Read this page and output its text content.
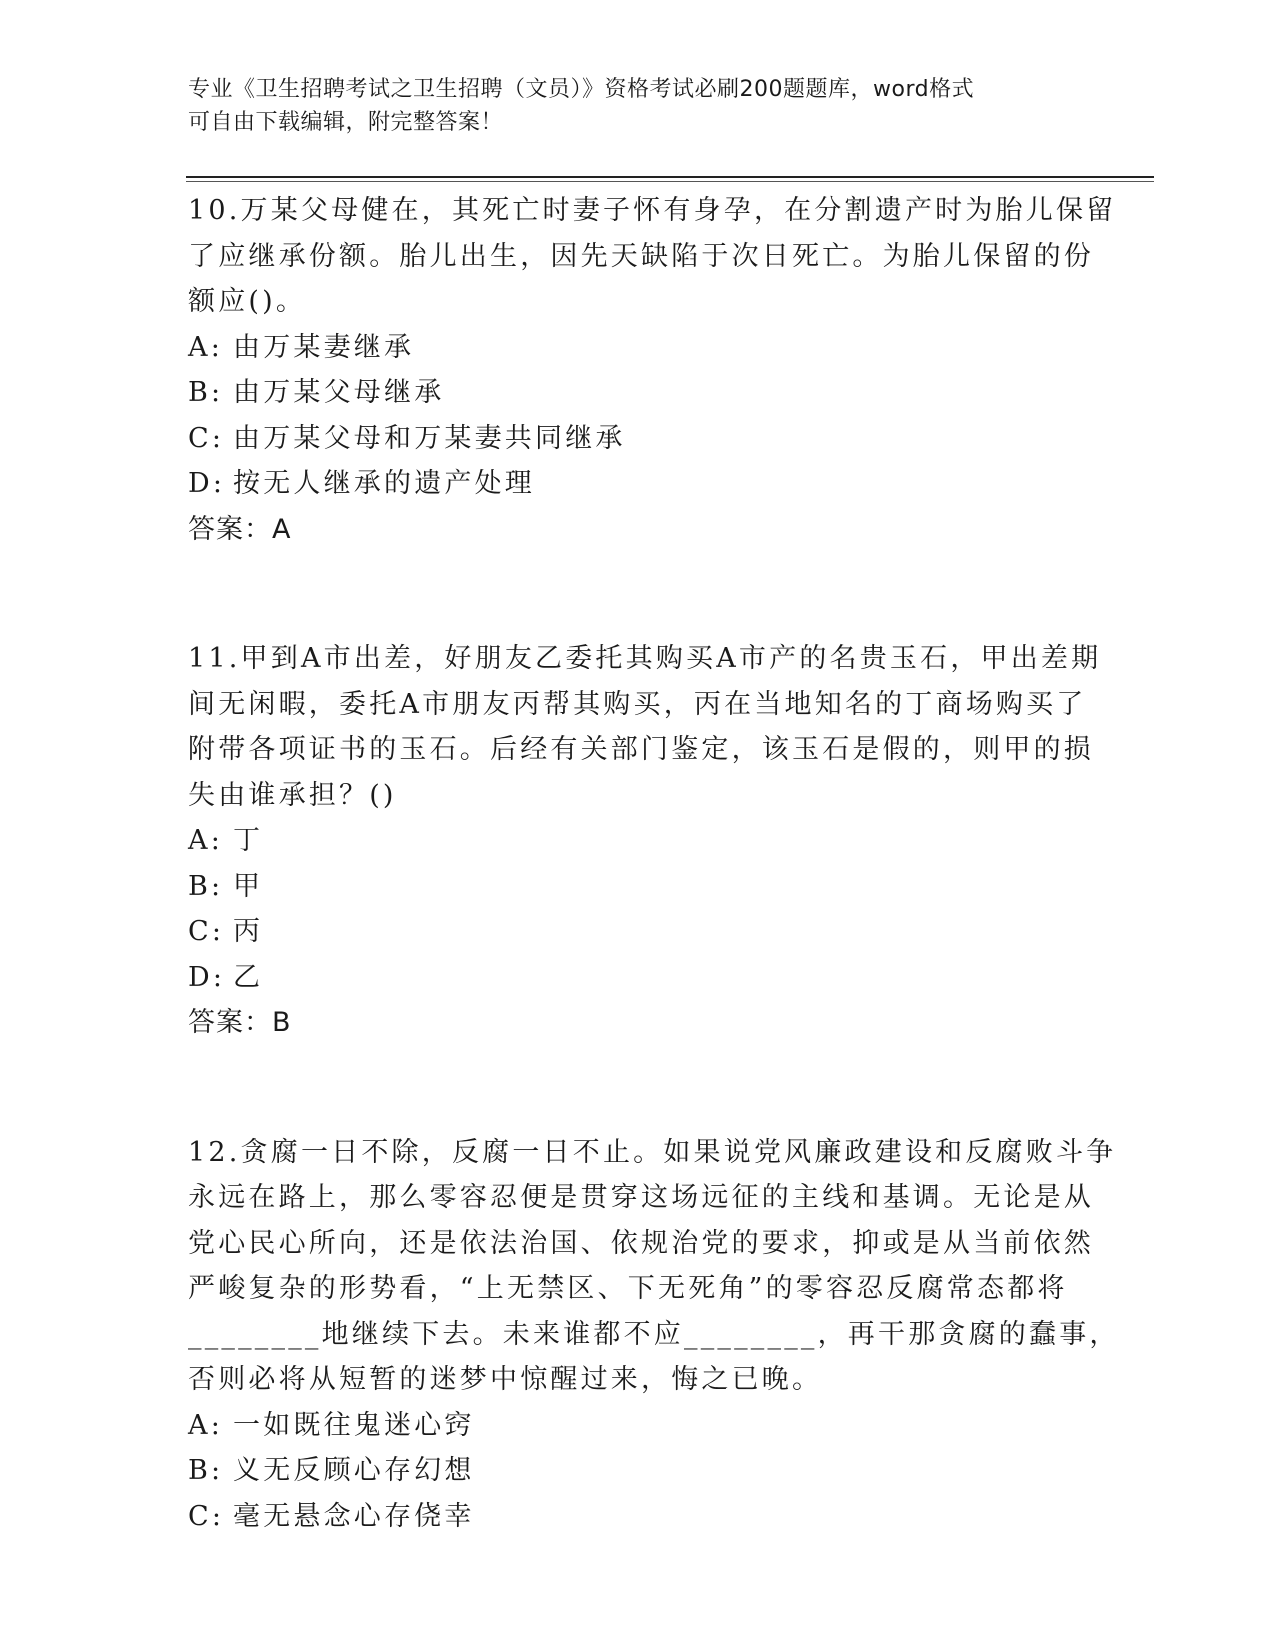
专业《卫生招聘考试之卫生招聘（文员）》资格考试必刷200题题库，word格式
可自由下载编辑，附完整答案！
10.万某父母健在，其死亡时妻子怀有身孕，在分割遗产时为胎儿保留
了应继承份额。胎儿出生，因先天缺陷于次日死亡。为胎儿保留的份
额应()。
A: 由万某妻继承
B: 由万某父母继承
C: 由万某父母和万某妻共同继承
D: 按无人继承的遗产处理
答案：A
11.甲到A市出差，好朋友乙委托其购买A市产的名贵玉石，甲出差期
间无闲暇，委托A市朋友丙帮其购买，丙在当地知名的丁商场购买了
附带各项证书的玉石。后经有关部门鉴定，该玉石是假的，则甲的损
失由谁承担？()
A: 丁
B: 甲
C: 丙
D: 乙
答案：B
12.贪腐一日不除，反腐一日不止。如果说党风廉政建设和反腐败斗争
永远在路上，那么零容忍便是贯穿这场远征的主线和基调。无论是从
党心民心所向，还是依法治国、依规治党的要求，抑或是从当前依然
严峻复杂的形势看，“上无禁区、下无死角”的零容忍反腐常态都将
________地继续下去。未来谁都不应________，再干那贪腐的蠢事，
否则必将从短暂的迷梦中惊醒过来，悔之已晚。
A: 一如既往鬼迷心窍
B: 义无反顾心存幻想
C: 毫无悬念心存侥幸
